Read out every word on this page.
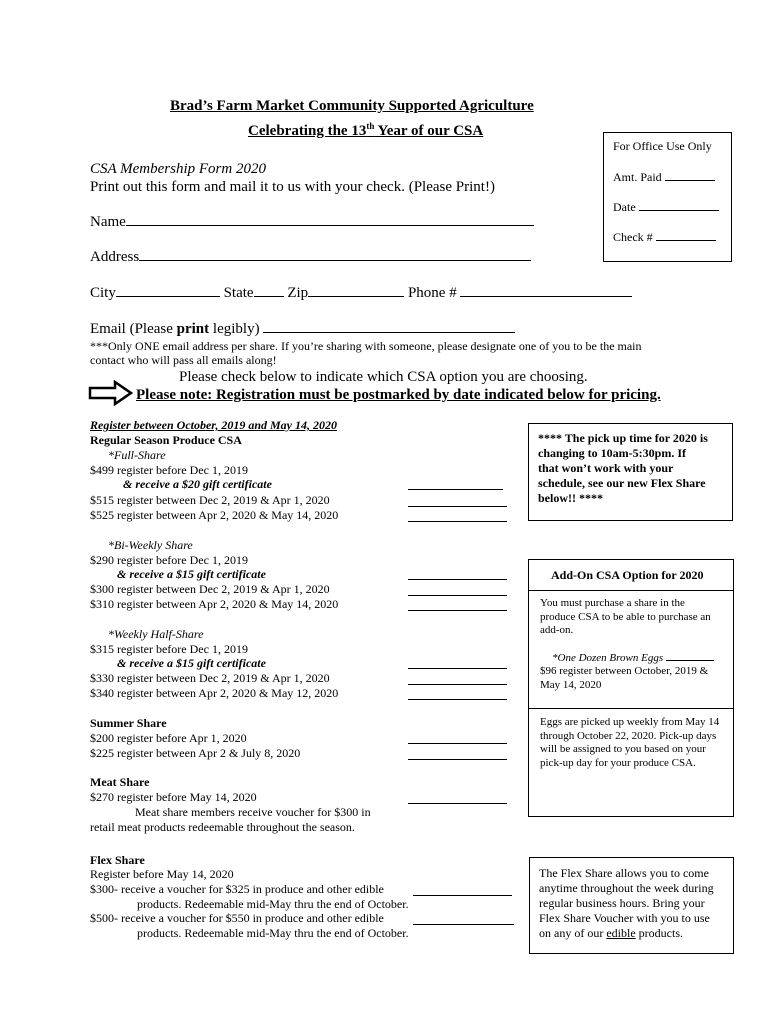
Brad’s Farm Market Community Supported Agriculture
Celebrating the 13th Year of our CSA
For Office Use Only
Amt. Paid
Date
Check #
CSA Membership Form 2020
Print out this form and mail it to us with your check. (Please Print!)
Name
Address
City	State Zip	Phone #
Email (Please print legibly)
***Only ONE email address per share. If you’re sharing with someone, please designate one of you to be the main
contact who will pass all emails along!
Please check below to indicate which CSA option you are choosing.
Please note: Registration must be postmarked by date indicated below for pricing.
Register between October, 2019 and May 14, 2020
Regular Season Produce CSA
*Full-Share
$499 register before Dec 1, 2019
& receive a $20 gift certificate
$515 register between Dec 2, 2019 & Apr 1, 2020
$525 register between Apr 2, 2020 & May 14, 2020
*Bi-Weekly Share
$290 register before Dec 1, 2019
& receive a $15 gift certificate
$300 register between Dec 2, 2019 & Apr 1, 2020
$310 register between Apr 2, 2020 & May 14, 2020
*Weekly Half-Share
$315 register before Dec 1, 2019
& receive a $15 gift certificate
$330 register between Dec 2, 2019 & Apr 1, 2020
$340 register between Apr 2, 2020 & May 12, 2020
Summer Share
$200 register before Apr 1, 2020
$225 register between Apr 2 & July 8, 2020
Meat Share
$270 register before May 14, 2020
Meat share members receive voucher for $300 in
retail meat products redeemable throughout the season.
Flex Share
Register before May 14, 2020
$300- receive a voucher for $325 in produce and other edible
products. Redeemable mid-May thru the end of October.
$500- receive a voucher for $550 in produce and other edible
products. Redeemable mid-May thru the end of October.
**** The pick up time for 2020 is
changing to 10am-5:30pm. If
that won’t work with your
schedule, see our new Flex Share
below!! ****
Add-On CSA Option for 2020
You must purchase a share in the
produce CSA to be able to purchase an
add-on.
*One Dozen Brown Eggs
$96 register between October, 2019 &
May 14, 2020
Eggs are picked up weekly from May 14
through October 22, 2020. Pick-up days
will be assigned to you based on your
pick-up day for your produce CSA.
The Flex Share allows you to come
anytime throughout the week during
regular business hours. Bring your
Flex Share Voucher with you to use
on any of our edible products.
